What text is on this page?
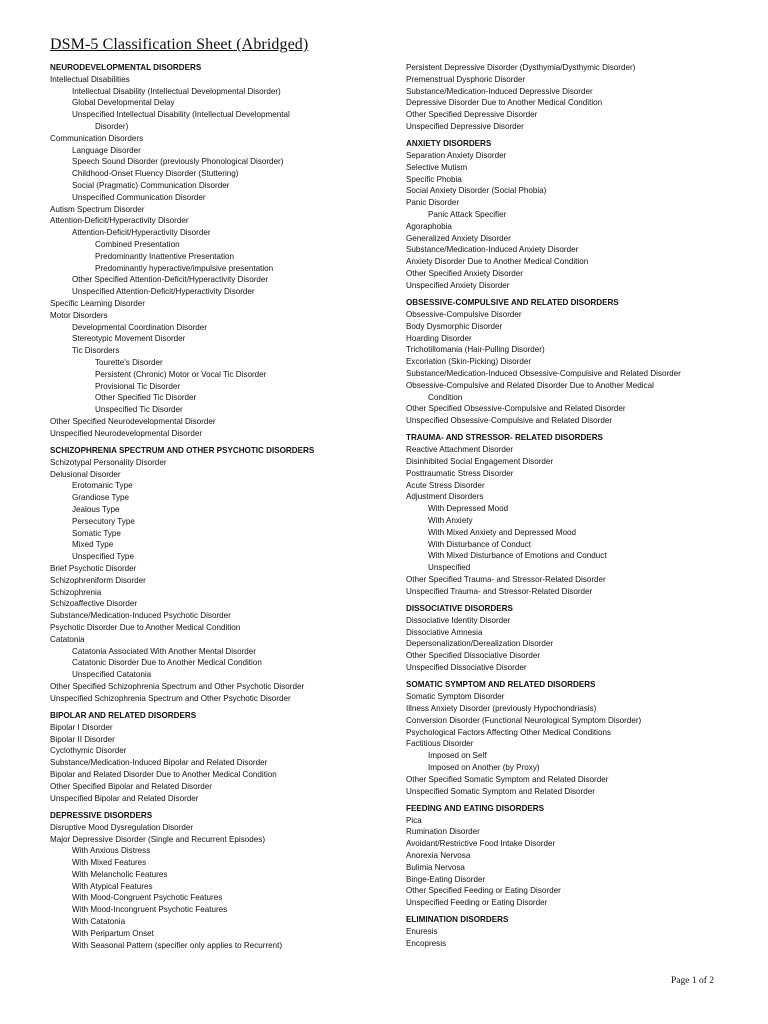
DSM-5 Classification Sheet (Abridged)
NEURODEVELOPMENTAL DISORDERS
Intellectual Disabilities
Intellectual Disability (Intellectual Developmental Disorder)
Global Developmental Delay
Unspecified Intellectual Disability (Intellectual Developmental
Disorder)
Communication Disorders
Language Disorder
Speech Sound Disorder (previously Phonological Disorder)
Childhood-Onset Fluency Disorder (Stuttering)
Social (Pragmatic) Communication Disorder
Unspecified Communication Disorder
Autism Spectrum Disorder
Attention-Deficit/Hyperactivity Disorder
Attention-Deficit/Hyperactivity Disorder
Combined Presentation
Predominantly Inattentive Presentation
Predominantly hyperactive/impulsive presentation
Other Specified Attention-Deficit/Hyperactivity Disorder
Unspecified Attention-Deficit/Hyperactivity Disorder
Specific Learning Disorder
Motor Disorders
Developmental Coordination Disorder
Stereotypic Movement Disorder
Tic Disorders
Tourette's Disorder
Persistent (Chronic) Motor or Vocal Tic Disorder
Provisional Tic Disorder
Other Specified Tic Disorder
Unspecified Tic Disorder
Other Specified Neurodevelopmental Disorder
Unspecified Neurodevelopmental Disorder
SCHIZOPHRENIA SPECTRUM AND OTHER PSYCHOTIC DISORDERS
Schizotypal Personality Disorder
Delusional Disorder
Erotomanic Type
Grandiose Type
Jealous Type
Persecutory Type
Somatic Type
Mixed Type
Unspecified Type
Brief Psychotic Disorder
Schizophreniform Disorder
Schizophrenia
Schizoaffective Disorder
Substance/Medication-Induced Psychotic Disorder
Psychotic Disorder Due to Another Medical Condition
Catatonia
Catatonia Associated With Another Mental Disorder
Catatonic Disorder Due to Another Medical Condition
Unspecified Catatonia
Other Specified Schizophrenia Spectrum and Other Psychotic Disorder
Unspecified Schizophrenia Spectrum and Other Psychotic Disorder
BIPOLAR AND RELATED DISORDERS
Bipolar I Disorder
Bipolar II Disorder
Cyclothymic Disorder
Substance/Medication-Induced Bipolar and Related Disorder
Bipolar and Related Disorder Due to Another Medical Condition
Other Specified Bipolar and Related Disorder
Unspecified Bipolar and Related Disorder
DEPRESSIVE DISORDERS
Disruptive Mood Dysregulation Disorder
Major Depressive Disorder (Single and Recurrent Episodes)
With Anxious Distress
With Mixed Features
With Melancholic Features
With Atypical Features
With Mood-Congruent Psychotic Features
With Mood-Incongruent Psychotic Features
With Catatonia
With Peripartum Onset
With Seasonal Pattern (specifier only applies to Recurrent)
Persistent Depressive Disorder (Dysthymia/Dysthymic Disorder)
Premenstrual Dysphoric Disorder
Substance/Medication-Induced Depressive Disorder
Depressive Disorder Due to Another Medical Condition
Other Specified Depressive Disorder
Unspecified Depressive Disorder
ANXIETY DISORDERS
Separation Anxiety Disorder
Selective Mutism
Specific Phobia
Social Anxiety Disorder (Social Phobia)
Panic Disorder
Panic Attack Specifier
Agoraphobia
Generalized Anxiety Disorder
Substance/Medication-Induced Anxiety Disorder
Anxiety Disorder Due to Another Medical Condition
Other Specified Anxiety Disorder
Unspecified Anxiety Disorder
OBSESSIVE-COMPULSIVE AND RELATED DISORDERS
Obsessive-Compulsive Disorder
Body Dysmorphic Disorder
Hoarding Disorder
Trichotillomania (Hair-Pulling Disorder)
Excoriation (Skin-Picking) Disorder
Substance/Medication-Induced Obsessive-Compulsive and Related Disorder
Obsessive-Compulsive and Related Disorder Due to Another Medical
Condition
Other Specified Obsessive-Compulsive and Related Disorder
Unspecified Obsessive-Compulsive and Related Disorder
TRAUMA- AND STRESSOR- RELATED DISORDERS
Reactive Attachment Disorder
Disinhibited Social Engagement Disorder
Posttraumatic Stress Disorder
Acute Stress Disorder
Adjustment Disorders
With Depressed Mood
With Anxiety
With Mixed Anxiety and Depressed Mood
With Disturbance of Conduct
With Mixed Disturbance of Emotions and Conduct
Unspecified
Other Specified Trauma- and Stressor-Related Disorder
Unspecified Trauma- and Stressor-Related Disorder
DISSOCIATIVE DISORDERS
Dissociative Identity Disorder
Dissociative Amnesia
Depersonalization/Derealization Disorder
Other Specified Dissociative Disorder
Unspecified Dissociative Disorder
SOMATIC SYMPTOM AND RELATED DISORDERS
Somatic Symptom Disorder
Illness Anxiety Disorder (previously Hypochondriasis)
Conversion Disorder (Functional Neurological Symptom Disorder)
Psychological Factors Affecting Other Medical Conditions
Factitious Disorder
Imposed on Self
Imposed on Another (by Proxy)
Other Specified Somatic Symptom and Related Disorder
Unspecified Somatic Symptom and Related Disorder
FEEDING AND EATING DISORDERS
Pica
Rumination Disorder
Avoidant/Restrictive Food Intake Disorder
Anorexia Nervosa
Bulimia Nervosa
Binge-Eating Disorder
Other Specified Feeding or Eating Disorder
Unspecified Feeding or Eating Disorder
ELIMINATION DISORDERS
Enuresis
Encopresis
Page 1 of 2
